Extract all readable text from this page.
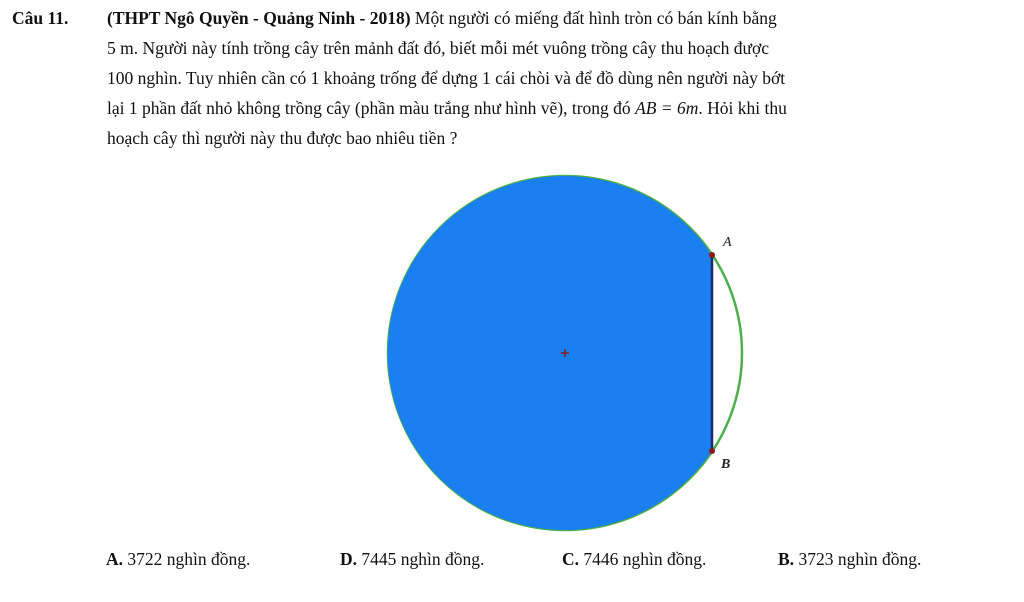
Câu 11. (THPT Ngô Quyền - Quảng Ninh - 2018) Một người có miếng đất hình tròn có bán kính bằng
5 m. Người này tính trồng cây trên mảnh đất đó, biết mỗi mét vuông trồng cây thu hoạch được
100 nghìn. Tuy nhiên cần có 1 khoảng trống để dựng 1 cái chòi và để đồ dùng nên người này bớt
lại 1 phần đất nhỏ không trồng cây (phần màu trắng như hình vẽ), trong đó AB = 6m. Hỏi khi thu
hoạch cây thì người này thu được bao nhiêu tiền ?
A
B
A. 3722 nghìn đồng.	D. 7445 nghìn đồng.	C. 7446 nghìn đồng.	B. 3723 nghìn đồng.
